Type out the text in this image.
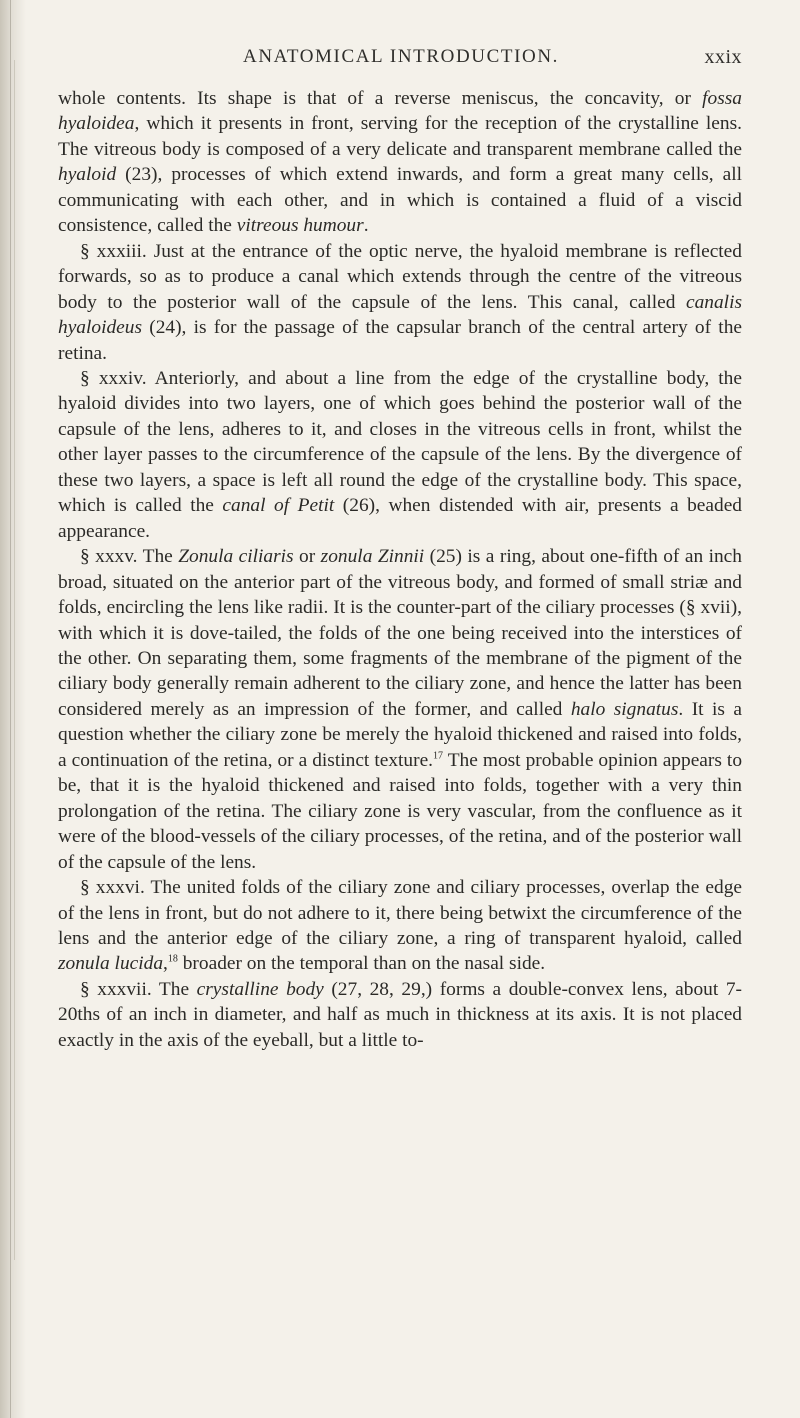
ANATOMICAL INTRODUCTION.	xxix

whole contents. Its shape is that of a reverse meniscus, the concavity, or fossa hyaloidea, which it presents in front, serving for the reception of the crystalline lens. The vitreous body is composed of a very delicate and transparent membrane called the hyaloid (23), processes of which extend inwards, and form a great many cells, all communicating with each other, and in which is contained a fluid of a viscid consistence, called the vitreous humour.

§ xxxiii. Just at the entrance of the optic nerve, the hyaloid membrane is reflected forwards, so as to produce a canal which extends through the centre of the vitreous body to the posterior wall of the capsule of the lens. This canal, called canalis hyaloideus (24), is for the passage of the capsular branch of the central artery of the retina.

§ xxxiv. Anteriorly, and about a line from the edge of the crystalline body, the hyaloid divides into two layers, one of which goes behind the posterior wall of the capsule of the lens, adheres to it, and closes in the vitreous cells in front, whilst the other layer passes to the circumference of the capsule of the lens. By the divergence of these two layers, a space is left all round the edge of the crystalline body. This space, which is called the canal of Petit (26), when distended with air, presents a beaded appearance.

§ xxxv. The Zonula ciliaris or zonula Zinnii (25) is a ring, about one-fifth of an inch broad, situated on the anterior part of the vitreous body, and formed of small striæ and folds, encircling the lens like radii. It is the counter-part of the ciliary processes (§ xvii), with which it is dove-tailed, the folds of the one being received into the interstices of the other. On separating them, some fragments of the membrane of the pigment of the ciliary body generally remain adherent to the ciliary zone, and hence the latter has been considered merely as an impression of the former, and called halo signatus. It is a question whether the ciliary zone be merely the hyaloid thickened and raised into folds, a continuation of the retina, or a distinct texture.$^{17}$ The most probable opinion appears to be, that it is the hyaloid thickened and raised into folds, together with a very thin prolongation of the retina. The ciliary zone is very vascular, from the confluence as it were of the blood-vessels of the ciliary processes, of the retina, and of the posterior wall of the capsule of the lens.

§ xxxvi. The united folds of the ciliary zone and ciliary processes, overlap the edge of the lens in front, but do not adhere to it, there being betwixt the circumference of the lens and the anterior edge of the ciliary zone, a ring of transparent hyaloid, called zonula lucida,$^{18}$ broader on the temporal than on the nasal side.

§ xxxvii. The crystalline body (27, 28, 29,) forms a double-convex lens, about 7-20ths of an inch in diameter, and half as much in thickness at its axis. It is not placed exactly in the axis of the eyeball, but a little to-
